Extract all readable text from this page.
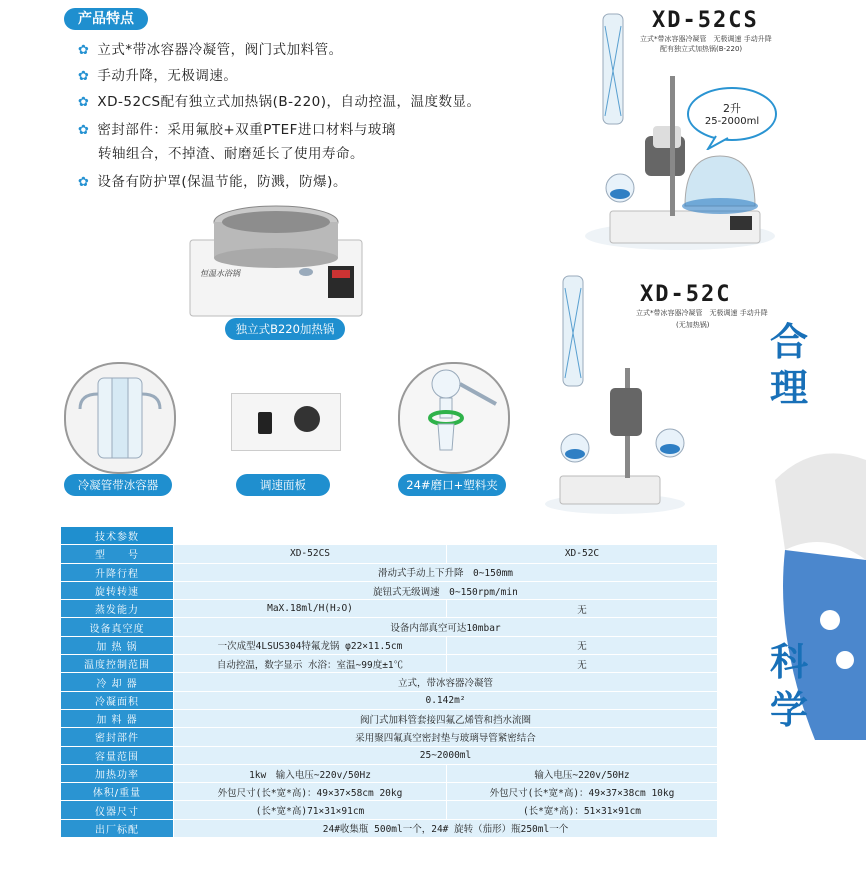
产品特点
✿ 立式*带冰容器冷凝管，阀门式加料管。
✿ 手动升降，无极调速。
✿ XD-52CS配有独立式加热锅(B-220)，自动控温，温度数显。
✿ 密封部件：采用氟胶+双重PTEF进口材料与玻璃
转轴组合，不掉渣、耐磨延长了使用寿命。
✿ 设备有防护罩(保温节能，防溅，防爆)。
XD-52CS
立式*带冰容器冷凝管　无极调速 手动升降
配有独立式加热锅(B-220)
2升
25-2000ml
恒温水浴锅
独立式B220加热锅
XD-52C
立式*带冰容器冷凝管　无极调速 手动升降
(无加热锅)
冷凝管带冰容器	调速面板	24#磨口+塑料夹
合
理
科
学
技术参数		
型　　号	XD-52CS	XD-52C
升降行程	滑动式手动上下升降　0~150mm	
旋转转速	旋钮式无级调速　0~150rpm/min	
蒸发能力	MaX.18ml/H(H₂O)	无
设备真空度	设备内部真空可达10mbar	
加 热 锅	一次成型4LSUS304特氟龙锅 φ22×11.5cm	无
温度控制范围	自动控温，数字显示 水浴：室温~99度±1℃	无
冷 却 器	立式，带冰容器冷凝管	
冷凝面积	0.142m²	
加 料 器	阀门式加料管套接四氟乙烯管和挡水流圈	
密封部件	采用聚四氟真空密封垫与玻璃导管紧密结合	
容量范围	25~2000ml	
加热功率	1kw　输入电压~220v/50Hz	输入电压~220v/50Hz
体积/重量	外包尺寸(长*宽*高)：49×37×58cm 20kg	外包尺寸(长*宽*高)：49×37×38cm 10kg
仪器尺寸	(长*宽*高)71×31×91cm	(长*宽*高)：51×31×91cm
出厂标配	24#收集瓶 500ml一个，24# 旋转（茄形）瓶250ml一个	
